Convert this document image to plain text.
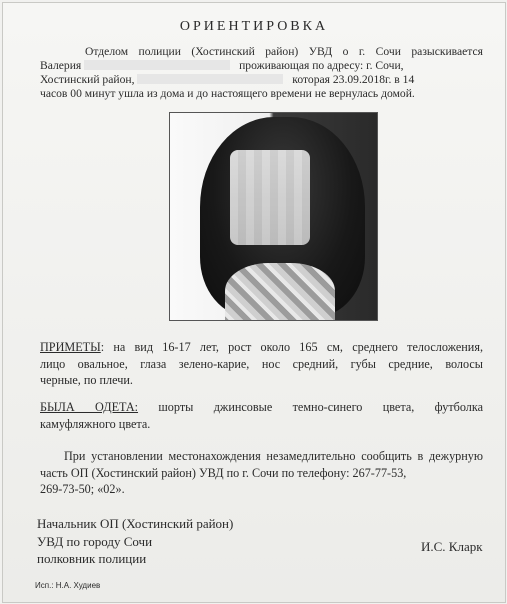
ОРИЕНТИРОВКА
Отделом полиции (Хостинский район) УВД о г. Сочи разыскивается
Валерия	проживающая по адресу: г. Сочи,
Хостинский район,	которая 23.09.2018г. в 14
часов 00 минут ушла из дома и до настоящего времени не вернулась домой.
ПРИМЕТЫ: на вид 16-17 лет, рост около 165 см, среднего телосложения,
лицо овальное, глаза зелено-карие, нос средний, губы средние, волосы
черные, по плечи.
БЫЛА ОДЕТА: шорты джинсовые темно-синего цвета, футболка
камуфляжного цвета.
При установлении местонахождения незамедлительно сообщить в дежурную
часть ОП (Хостинский район) УВД по г. Сочи по телефону: 267-77-53,
269-73-50; «02».
Начальник ОП (Хостинский район)
УВД по городу Сочи
полковник полиции
И.С. Кларк
Исп.: Н.А. Худиев
